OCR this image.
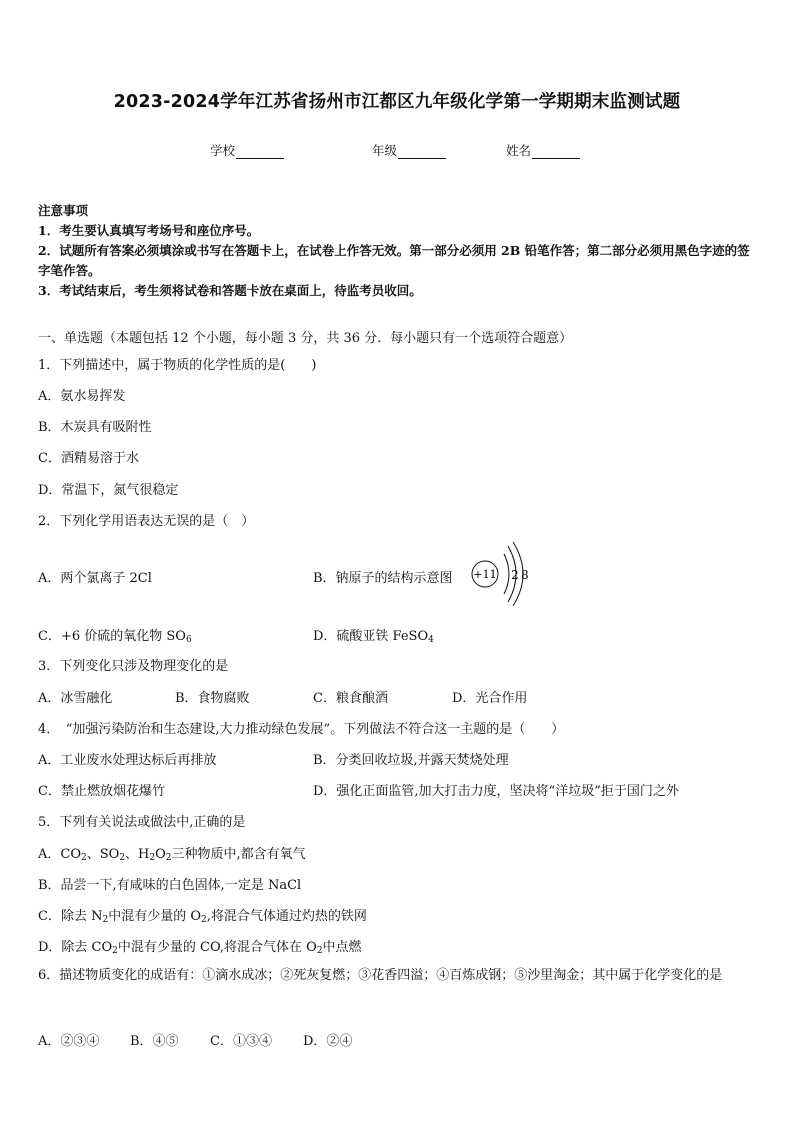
2023-2024学年江苏省扬州市江都区九年级化学第一学期期末监测试题
学校	年级	姓名
注意事项
1．考生要认真填写考场号和座位序号。
2．试题所有答案必须填涂或书写在答题卡上，在试卷上作答无效。第一部分必须用 2B 铅笔作答；第二部分必须用黑色字迹的签字笔作答。
3．考试结束后，考生须将试卷和答题卡放在桌面上，待监考员收回。
一、单选题（本题包括 12 个小题，每小题 3 分，共 36 分．每小题只有一个选项符合题意）
1．下列描述中，属于物质的化学性质的是(　　)
A．氨水易挥发
B．木炭具有吸附性
C．酒精易溶于水
D．常温下，氮气很稳定
2．下列化学用语表达无误的是（　）
A．两个氯离子 2Cl	B．钠原子的结构示意图 +11 2 8
C．+6 价硫的氧化物 $SO_6$	D．硫酸亚铁 FeSO$_4$
3．下列变化只涉及物理变化的是
A．冰雪融化	B．食物腐败	C．粮食酿酒	D．光合作用
4．　“加强污染防治和生态建设,大力推动绿色发展”。下列做法不符合这一主题的是（　　）
A．工业废水处理达标后再排放	B．分类回收垃圾,并露天焚烧处理
C．禁止燃放烟花爆竹	D．强化正面监管,加大打击力度，坚决将“洋垃圾”拒于国门之外
5．下列有关说法或做法中,正确的是
A．$CO_2$、$SO_2$、$H_2O_2$三种物质中,都含有氧气
B．品尝一下,有咸味的白色固体,一定是 NaCl
C．除去 $N_2$中混有少量的 $O_2$,将混合气体通过灼热的铁网
D．除去 $CO_2$中混有少量的 CO,将混合气体在 $O_2$中点燃
6．描述物质变化的成语有：①滴水成冰；②死灰复燃；③花香四溢；④百炼成钢；⑤沙里淘金；其中属于化学变化的是
A．②③④ B．④⑤ C．①③④ D．②④
